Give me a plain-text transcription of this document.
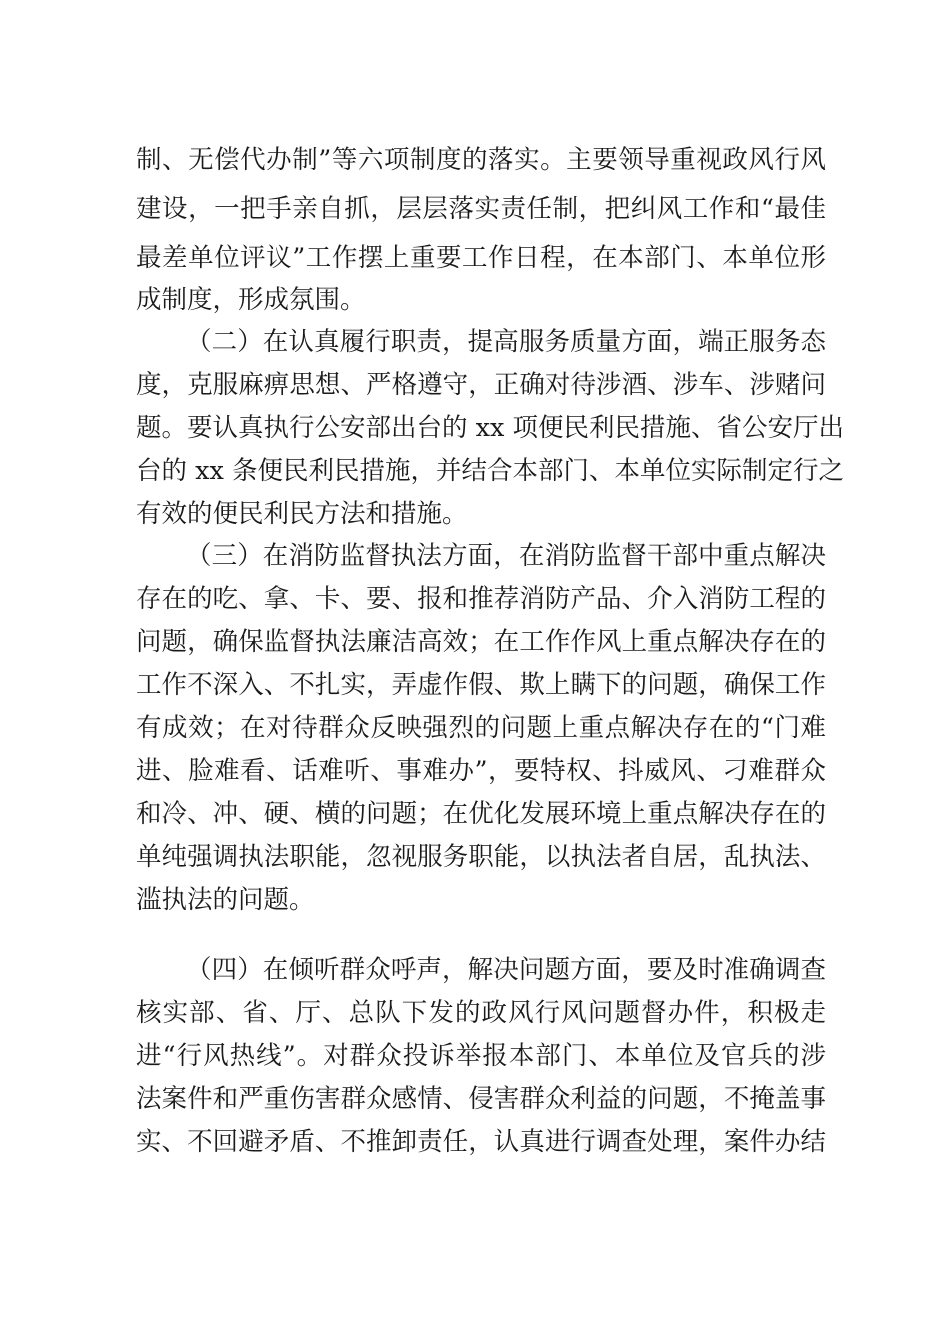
制、无偿代办制”等六项制度的落实。主要领导重视政风行风
建设，一把手亲自抓，层层落实责任制，把纠风工作和“最佳
最差单位评议”工作摆上重要工作日程，在本部门、本单位形
成制度，形成氛围。
（二）在认真履行职责，提高服务质量方面，端正服务态
度，克服麻痹思想、严格遵守，正确对待涉酒、涉车、涉赌问
题。要认真执行公安部出台的 xx 项便民利民措施、省公安厅出
台的 xx 条便民利民措施，并结合本部门、本单位实际制定行之
有效的便民利民方法和措施。
（三）在消防监督执法方面，在消防监督干部中重点解决
存在的吃、拿、卡、要、报和推荐消防产品、介入消防工程的
问题，确保监督执法廉洁高效；在工作作风上重点解决存在的
工作不深入、不扎实，弄虚作假、欺上瞒下的问题，确保工作
有成效；在对待群众反映强烈的问题上重点解决存在的“门难
进、脸难看、话难听、事难办”，要特权、抖威风、刁难群众
和冷、冲、硬、横的问题；在优化发展环境上重点解决存在的
单纯强调执法职能，忽视服务职能，以执法者自居，乱执法、
滥执法的问题。
（四）在倾听群众呼声，解决问题方面，要及时准确调查
核实部、省、厅、总队下发的政风行风问题督办件，积极走
进“行风热线”。对群众投诉举报本部门、本单位及官兵的涉
法案件和严重伤害群众感情、侵害群众利益的问题，不掩盖事
实、不回避矛盾、不推卸责任，认真进行调查处理，案件办结
